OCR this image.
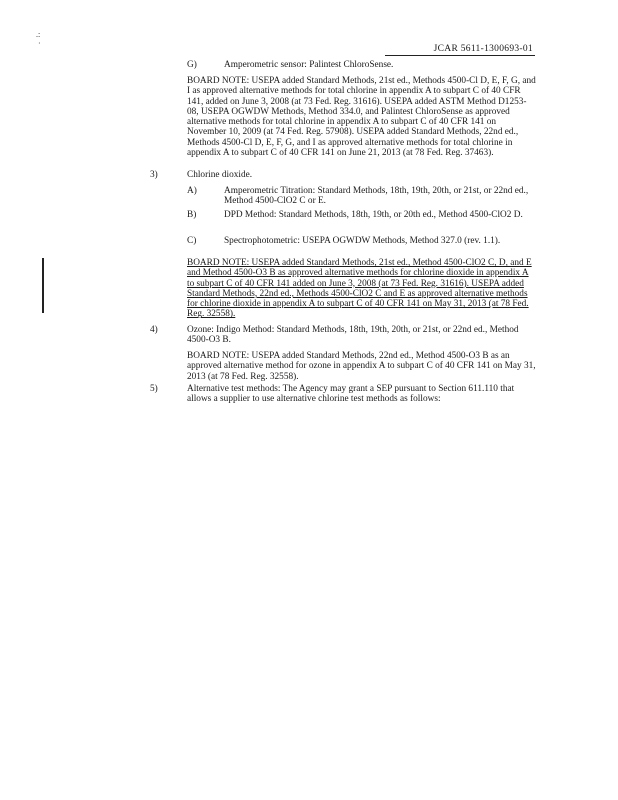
.:
·
JCAR 5611-1300693-01
G)	Amperometric sensor: Palintest ChloroSense.
BOARD NOTE: USEPA added Standard Methods, 21st ed., Methods 4500-Cl D, E, F, G, and I as approved alternative methods for total chlorine in appendix A to subpart C of 40 CFR 141, added on June 3, 2008 (at 73 Fed. Reg. 31616). USEPA added ASTM Method D1253-08, USEPA OGWDW Methods, Method 334.0, and Palintest ChloroSense as approved alternative methods for total chlorine in appendix A to subpart C of 40 CFR 141 on November 10, 2009 (at 74 Fed. Reg. 57908). USEPA added Standard Methods, 22nd ed., Methods 4500-Cl D, E, F, G, and I as approved alternative methods for total chlorine in appendix A to subpart C of 40 CFR 141 on June 21, 2013 (at 78 Fed. Reg. 37463).
3)	Chlorine dioxide.
A)	Amperometric Titration: Standard Methods, 18th, 19th, 20th, or 21st, or 22nd ed., Method 4500-ClO2 C or E.
B)	DPD Method: Standard Methods, 18th, 19th, or 20th ed., Method 4500-ClO2 D.
C)	Spectrophotometric: USEPA OGWDW Methods, Method 327.0 (rev. 1.1).
BOARD NOTE: USEPA added Standard Methods, 21st ed., Method 4500-ClO2 C, D, and E and Method 4500-O3 B as approved alternative methods for chlorine dioxide in appendix A to subpart C of 40 CFR 141 added on June 3, 2008 (at 73 Fed. Reg. 31616). USEPA added Standard Methods, 22nd ed., Methods 4500-ClO2 C and E as approved alternative methods for chlorine dioxide in appendix A to subpart C of 40 CFR 141 on May 31, 2013 (at 78 Fed. Reg. 32558).
4)	Ozone: Indigo Method: Standard Methods, 18th, 19th, 20th, or 21st, or 22nd ed., Method 4500-O3 B.
BOARD NOTE: USEPA added Standard Methods, 22nd ed., Method 4500-O3 B as an approved alternative method for ozone in appendix A to subpart C of 40 CFR 141 on May 31, 2013 (at 78 Fed. Reg. 32558).
5)	Alternative test methods: The Agency may grant a SEP pursuant to Section 611.110 that allows a supplier to use alternative chlorine test methods as follows:
